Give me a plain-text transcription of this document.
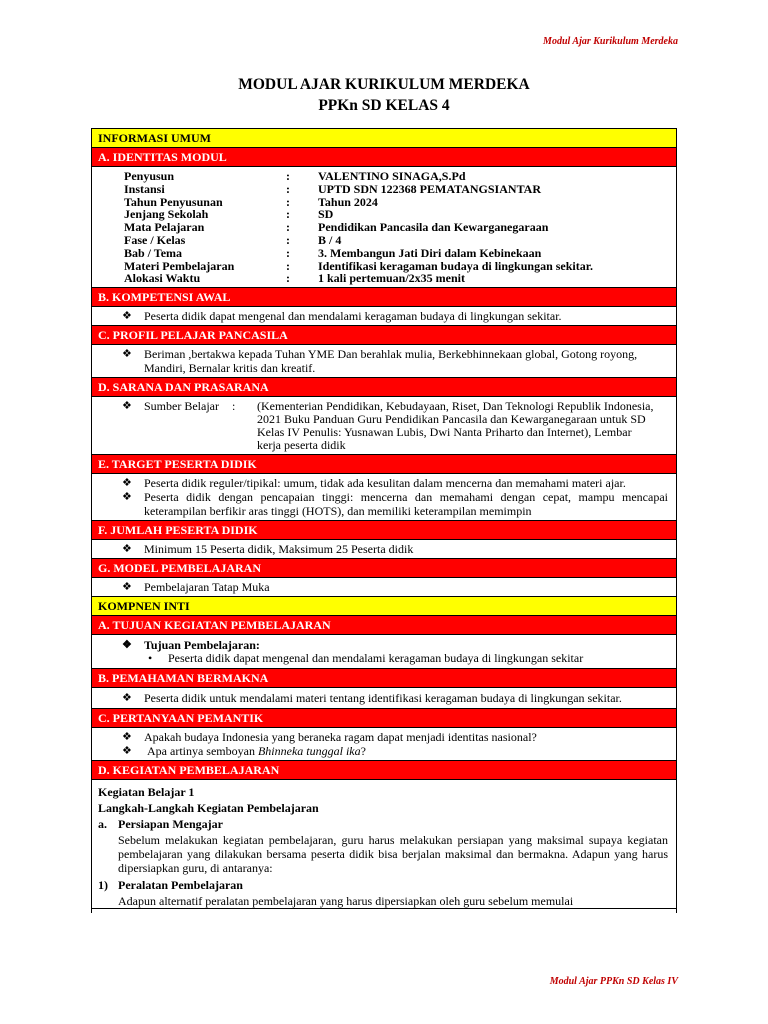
Modul Ajar Kurikulum Merdeka
MODUL AJAR KURIKULUM MERDEKA
PPKn SD KELAS 4
INFORMASI UMUM
A. IDENTITAS MODUL
Penyusun	:	VALENTINO SINAGA,S.Pd
Instansi	:	UPTD SDN 122368 PEMATANGSIANTAR
Tahun Penyusunan	:	Tahun 2024
Jenjang Sekolah	:	SD
Mata Pelajaran	:	Pendidikan Pancasila dan Kewarganegaraan
Fase / Kelas	:	B / 4
Bab / Tema	:	3. Membangun Jati Diri dalam Kebinekaan
Materi Pembelajaran	:	Identifikasi keragaman budaya di lingkungan sekitar.
Alokasi Waktu	:	1 kali pertemuan/2x35 menit
B. KOMPETENSI AWAL
❖	Peserta didik dapat mengenal dan mendalami keragaman budaya di lingkungan sekitar.
C. PROFIL PELAJAR PANCASILA
❖	Beriman ,bertakwa kepada Tuhan YME Dan berahlak mulia, Berkebhinnekaan global, Gotong royong, Mandiri, Bernalar kritis dan kreatif.
D. SARANA DAN PRASARANA
❖	Sumber Belajar	:	(Kementerian Pendidikan, Kebudayaan, Riset, Dan Teknologi Republik Indonesia, 2021 Buku Panduan Guru Pendidikan Pancasila dan Kewarganegaraan untuk SD Kelas IV Penulis: Yusnawan Lubis, Dwi Nanta Priharto dan Internet), Lembar kerja peserta didik
E. TARGET PESERTA DIDIK
❖	Peserta didik reguler/tipikal: umum, tidak ada kesulitan dalam mencerna dan memahami materi ajar.
❖	Peserta didik dengan pencapaian tinggi: mencerna dan memahami dengan cepat, mampu mencapai keterampilan berfikir aras tinggi (HOTS), dan memiliki keterampilan memimpin
F. JUMLAH PESERTA DIDIK
❖	Minimum 15 Peserta didik, Maksimum 25 Peserta didik
G. MODEL PEMBELAJARAN
❖	Pembelajaran Tatap Muka
KOMPNEN INTI
A. TUJUAN KEGIATAN PEMBELAJARAN
❖	Tujuan Pembelajaran:
•	Peserta didik dapat mengenal dan mendalami keragaman budaya di lingkungan sekitar
B. PEMAHAMAN BERMAKNA
❖	Peserta didik untuk mendalami materi tentang identifikasi keragaman budaya di lingkungan sekitar.
C. PERTANYAAN PEMANTIK
❖	Apakah budaya Indonesia yang beraneka ragam dapat menjadi identitas nasional?
❖	Apa artinya semboyan Bhinneka tunggal ika?
D. KEGIATAN PEMBELAJARAN
Kegiatan Belajar 1
Langkah-Langkah Kegiatan Pembelajaran
a. Persiapan Mengajar
Sebelum melakukan kegiatan pembelajaran, guru harus melakukan persiapan yang maksimal supaya kegiatan pembelajaran yang dilakukan bersama peserta didik bisa berjalan maksimal dan bermakna. Adapun yang harus dipersiapkan guru, di antaranya:
1) Peralatan Pembelajaran
Adapun alternatif peralatan pembelajaran yang harus dipersiapkan oleh guru sebelum memulai
Modul Ajar PPKn SD Kelas IV
